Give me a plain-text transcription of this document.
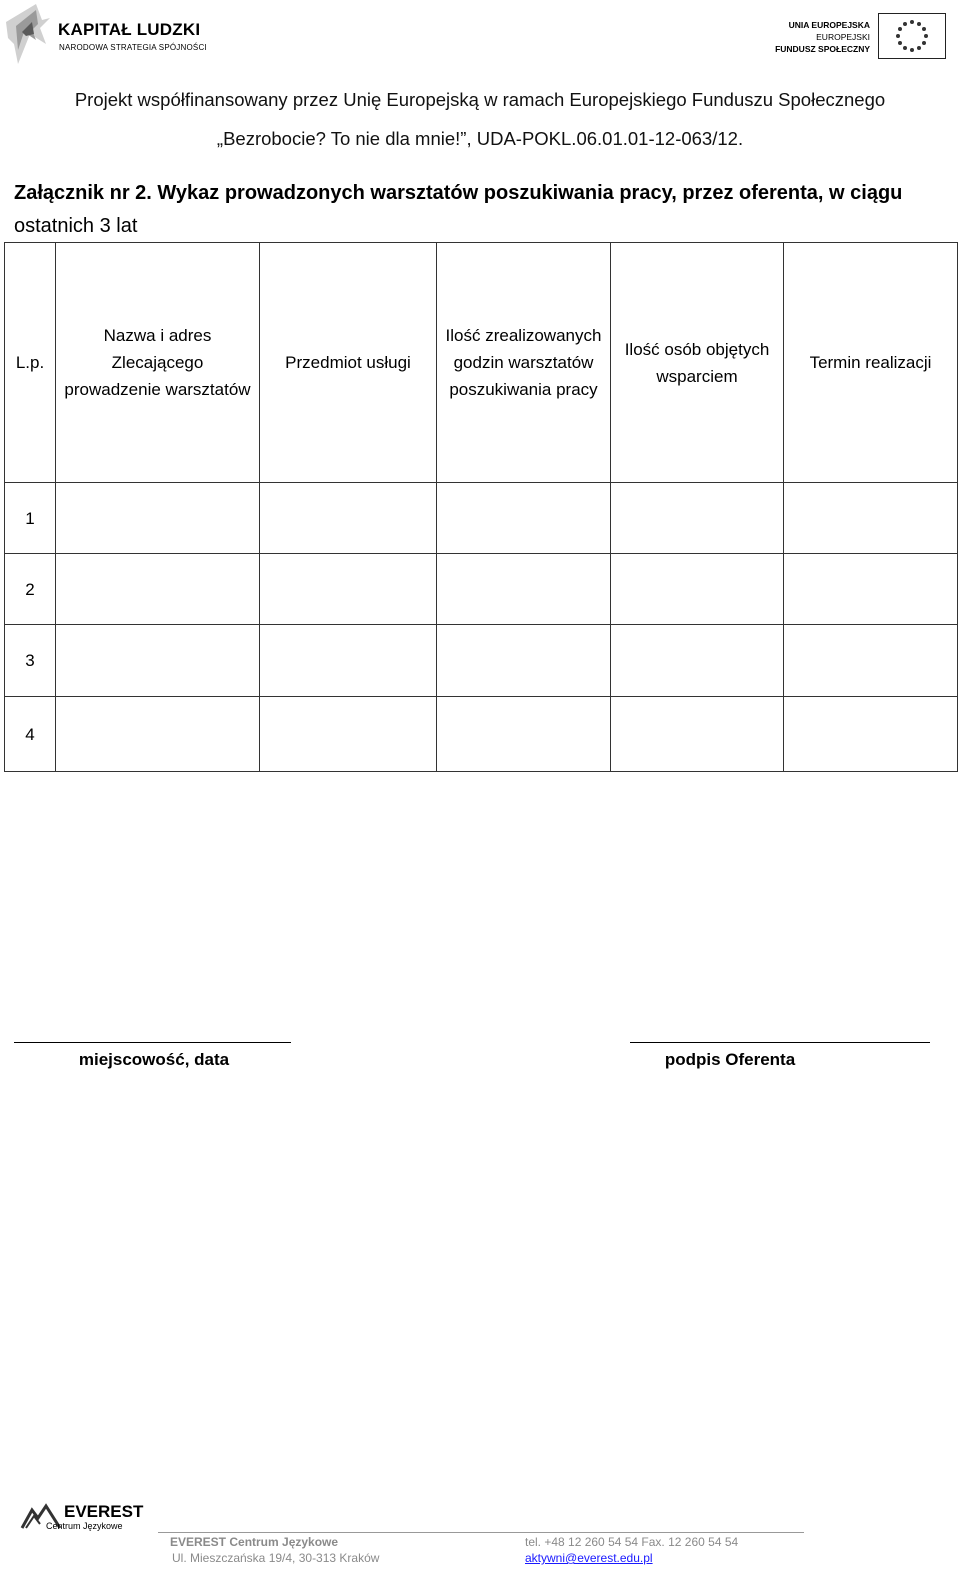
KAPITAŁ LUDZKI
NARODOWA STRATEGIA SPÓJNOŚCI
UNIA EUROPEJSKA
EUROPEJSKI
FUNDUSZ SPOŁECZNY
Projekt współfinansowany przez Unię Europejską w ramach Europejskiego Funduszu Społecznego
„Bezrobocie? To nie dla mnie!”, UDA-POKL.06.01.01-12-063/12.
Załącznik nr 2. Wykaz prowadzonych warsztatów poszukiwania pracy, przez oferenta, w ciągu
ostatnich 3 lat
L.p.	Nazwa i adres Zlecającego prowadzenie warsztatów	Przedmiot usługi	Ilość zrealizowanych godzin warsztatów poszukiwania pracy	Ilość osób objętych wsparciem	Termin realizacji
1					
2					
3					
4					
miejscowość, data	podpis Oferenta
EVEREST
Centrum Językowe
EVEREST Centrum Językowe
Ul. Mieszczańska 19/4, 30-313 Kraków
tel. +48 12 260 54 54 Fax. 12 260 54 54
aktywni@everest.edu.pl
